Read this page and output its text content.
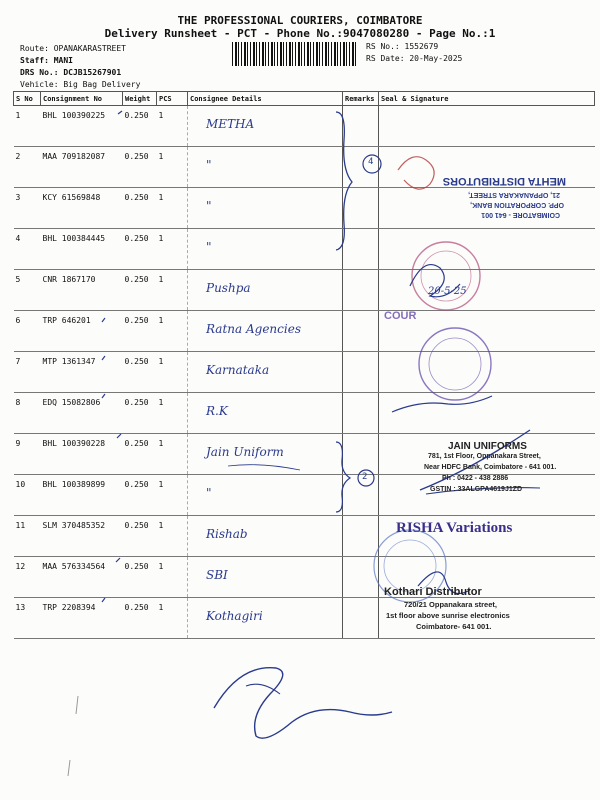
THE PROFESSIONAL COURIERS, COIMBATORE
Delivery Runsheet - PCT - Phone No.:9047080280 - Page No.:1
Route: OPANAKARASTREET
Staff: MANI
DRS No.: DCJB15267901
Vehicle: Big Bag Delivery
RS No.: 1552679
RS Date: 20-May-2025
S No	Consignment No	Weight	PCS	Consignee Details	Remarks	Seal & Signature
1	BHL 100390225	0.250	1	METHA		
2	MAA 709182087	0.250	1	"		
3	KCY 61569848	0.250	1	"		
4	BHL 100384445	0.250	1	"		
5	CNR 1867170	0.250	1	Pushpa		
6	TRP 646201	0.250	1	Ratna Agencies		
7	MTP 1361347	0.250	1	Karnataka		
8	EDQ 15082806	0.250	1	R.K		
9	BHL 100390228	0.250	1	Jain Uniform		
10	BHL 100389899	0.250	1	"		
11	SLM 370485352	0.250	1	Rishab		
12	MAA 576334564	0.250	1	SBI		
13	TRP 2208394	0.250	1	Kothagiri		
4
2
20-5-25
COIMBATORE - 641 001
OPP. CORPORATION BANK,
21, OPPANAKARA STREET,
MEHTA DISTRIBUTORS
COUR
JAIN UNIFORMS
781, 1st Floor, Oppanakara Street,
Near HDFC Bank, Coimbatore - 641 001.
Ph : 0422 - 438 2886
GSTIN : 33ALGPA4619J1ZD
RISHA Variations
Kothari Distributor
720/21 Oppanakara street,
1st floor above sunrise electronics
Coimbatore- 641 001.
